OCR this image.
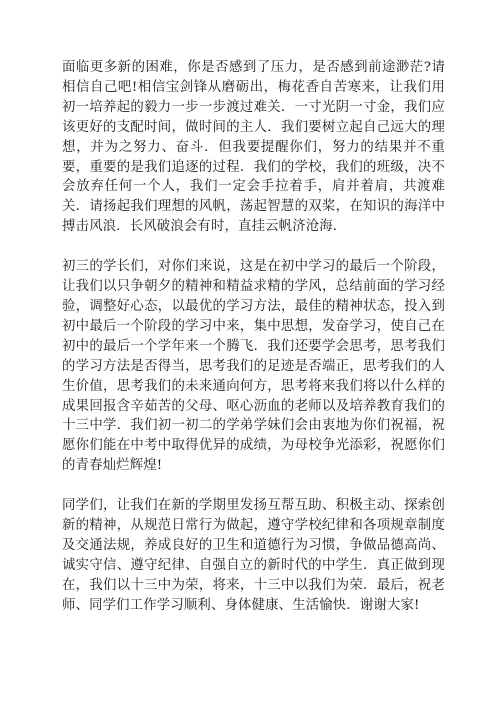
面临更多新的困难，你是否感到了压力，是否感到前途渺茫?请相信自己吧!相信宝剑锋从磨砺出，梅花香自苦寒来，让我们用初一培养起的毅力一步一步渡过难关．一寸光阴一寸金，我们应该更好的支配时间，做时间的主人．我们要树立起自己远大的理想，并为之努力、奋斗．但我要提醒你们，努力的结果并不重要，重要的是我们追逐的过程．我们的学校，我们的班级，决不会放弃任何一个人，我们一定会手拉着手，肩并着肩，共渡难关．请扬起我们理想的风帆，荡起智慧的双桨，在知识的海洋中搏击风浪．长风破浪会有时，直挂云帆济沧海．

初三的学长们，对你们来说，这是在初中学习的最后一个阶段，让我们以只争朝夕的精神和精益求精的学风，总结前面的学习经验，调整好心态，以最优的学习方法，最佳的精神状态，投入到初中最后一个阶段的学习中来，集中思想，发奋学习，使自己在初中的最后一个学年来一个腾飞．我们还要学会思考，思考我们的学习方法是否得当，思考我们的足迹是否端正，思考我们的人生价值，思考我们的未来通向何方，思考将来我们将以什么样的成果回报含辛茹苦的父母、呕心沥血的老师以及培养教育我们的十三中学．我们初一初二的学弟学妹们会由衷地为你们祝福，祝愿你们能在中考中取得优异的成绩，为母校争光添彩，祝愿你们的青春灿烂辉煌!

同学们，让我们在新的学期里发扬互帮互助、积极主动、探索创新的精神，从规范日常行为做起，遵守学校纪律和各项规章制度及交通法规，养成良好的卫生和道德行为习惯，争做品德高尚、诚实守信、遵守纪律、自强自立的新时代的中学生．真正做到现在，我们以十三中为荣，将来，十三中以我们为荣．最后，祝老师、同学们工作学习顺利、身体健康、生活愉快．谢谢大家!
